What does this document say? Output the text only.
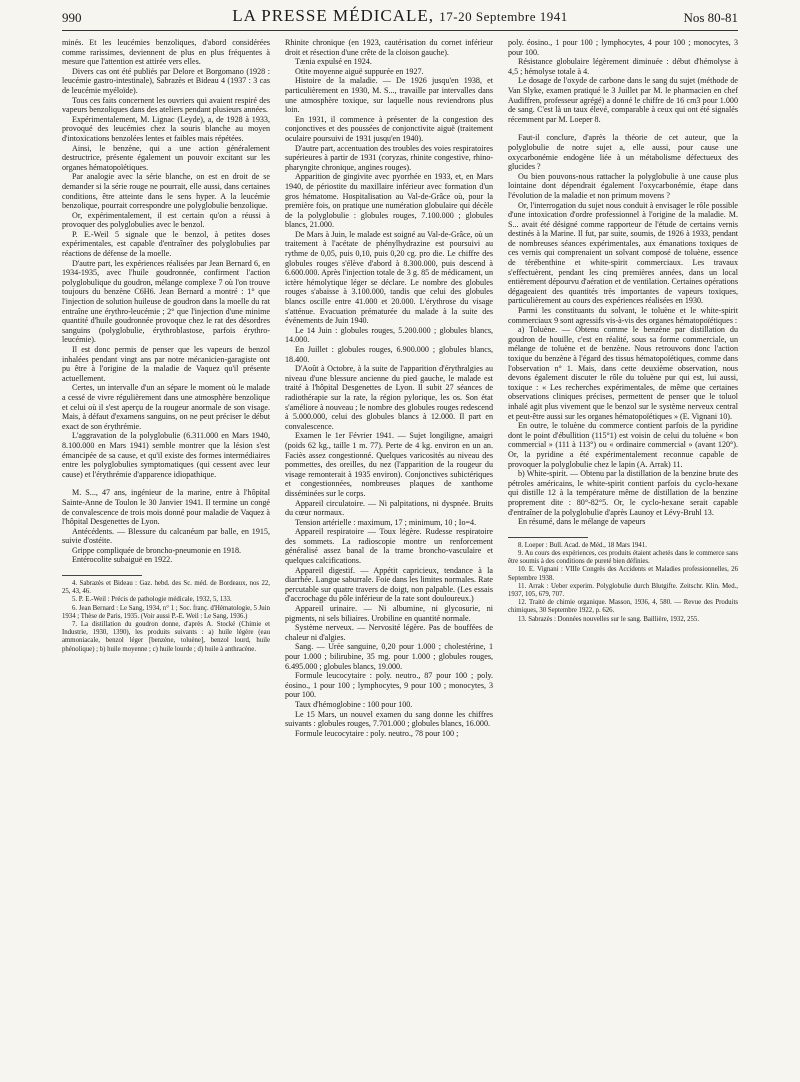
990	LA PRESSE MÉDICALE, 17-20 Septembre 1941	Nos 80-81

minés. Et les leucémies benzoliques, d'abord considérées comme rarissimes, deviennent de plus en plus fréquentes à mesure que l'attention est attirée vers elles.

Divers cas ont été publiés par Delore et Borgomano (1928 : leucémie gastro-intestinale), Sabrazès et Bideau 4 (1937 : 3 cas de leucémie myéloïde).

Tous ces faits concernent les ouvriers qui avaient respiré des vapeurs benzoliques dans des ateliers pendant plusieurs années.

Expérimentalement, M. Lignac (Leyde), a, de 1928 à 1933, provoqué des leucémies chez la souris blanche au moyen d'intoxications benzolées lentes et faibles mais répétées.

Ainsi, le benzène, qui a une action généralement destructrice, présente également un pouvoir excitant sur les organes hématopoïétiques.

Par analogie avec la série blanche, on est en droit de se demander si la série rouge ne pourrait, elle aussi, dans certaines conditions, être atteinte dans le sens hyper. A la leucémie benzolique, pourrait correspondre une polyglobulie benzolique.

Or, expérimentalement, il est certain qu'on a réussi à provoquer des polyglobulies avec le benzol.

P. E.-Weil 5 signale que le benzol, à petites doses expérimentales, est capable d'entraîner des polyglobulies par réactions de défense de la moelle.

D'autre part, les expériences réalisées par Jean Bernard 6, en 1934-1935, avec l'huile goudronnée, confirment l'action polyglobulique du goudron, mélange complexe 7 où l'on trouve toujours du benzène C6H6. Jean Bernard a montré : 1° que l'injection de solution huileuse de goudron dans la moelle du rat entraîne une érythro-leucémie ; 2° que l'injection d'une minime quantité d'huile goudronnée provoque chez le rat des désordres sanguins (polyglobulie, érythroblastose, parfois érythro-leucémie).

Il est donc permis de penser que les vapeurs de benzol inhalées pendant vingt ans par notre mécanicien-garagiste ont pu être à l'origine de la maladie de Vaquez qu'il présente actuellement.

Certes, un intervalle d'un an sépare le moment où le malade a cessé de vivre régulièrement dans une atmosphère benzolique et celui où il s'est aperçu de la rougeur anormale de son visage. Mais, à défaut d'examens sanguins, on ne peut préciser le début exact de son érythrémie.

L'aggravation de la polyglobulie (6.311.000 en Mars 1940, 8.100.000 en Mars 1941) semble montrer que la lésion s'est émancipée de sa cause, et qu'il existe des formes intermédiaires entre les polyglobulies symptomatiques (qui cessent avec leur cause) et l'érythrémie d'apparence idiopathique.

M. S..., 47 ans, ingénieur de la marine, entre à l'hôpital Sainte-Anne de Toulon le 30 Janvier 1941. Il termine un congé de convalescence de trois mois donné pour maladie de Vaquez à l'hôpital Desgenettes de Lyon.

Antécédents. — Blessure du calcanéum par balle, en 1915, suivie d'ostéite.

Grippe compliquée de broncho-pneumonie en 1918.

Entérocolite subaiguë en 1922.

4. Sabrazès et Bideau : Gaz. hebd. des Sc. méd. de Bordeaux, nos 22, 25, 43, 46.

5. P. E.-Weil : Précis de pathologie médicale, 1932, 5, 133.

6. Jean Bernard : Le Sang, 1934, n° 1 ; Soc. franç. d'Hématologie, 5 Juin 1934 ; Thèse de Paris, 1935. (Voir aussi P.-E. Weil : Le Sang, 1936.)

7. La distillation du goudron donne, d'après A. Stocké (Chimie et Industrie, 1930, 1390), les produits suivants : a) huile légère (eau ammoniacale, benzol léger [benzène, toluène], benzol lourd, huile phénolique) ; b) huile moyenne ; c) huile lourde ; d) huile à anthracène.

Rhinite chronique (en 1923, cautérisation du cornet inférieur droit et résection d'une crête de la cloison gauche).

Tænia expulsé en 1924.

Otite moyenne aiguë suppurée en 1927.

Histoire de la maladie. — De 1926 jusqu'en 1938, et particulièrement en 1930, M. S..., travaille par intervalles dans une atmosphère toxique, sur laquelle nous reviendrons plus loin.

En 1931, il commence à présenter de la congestion des conjonctives et des poussées de conjonctivite aiguë (traitement oculaire poursuivi de 1931 jusqu'en 1940).

D'autre part, accentuation des troubles des voies respiratoires supérieures à partir de 1931 (coryzas, rhinite congestive, rhino-pharyngite chronique, angines rouges).

Apparition de gingivite avec pyorrhée en 1933, et, en Mars 1940, de périostite du maxillaire inférieur avec formation d'un gros hématome. Hospitalisation au Val-de-Grâce où, pour la première fois, on pratique une numération globulaire qui décèle de la polyglobulie : globules rouges, 7.100.000 ; globules blancs, 21.000.

De Mars à Juin, le malade est soigné au Val-de-Grâce, où un traitement à l'acétate de phénylhydrazine est poursuivi au rythme de 0,05, puis 0,10, puis 0,20 cg. pro die. Le chiffre des globules rouges s'élève d'abord à 8.300.000, puis descend à 6.600.000. Après l'injection totale de 3 g. 85 de médicament, un ictère hémolytique léger se déclare. Le nombre des globules rouges s'abaisse à 3.100.000, tandis que celui des globules blancs oscille entre 41.000 et 20.000. L'érythrose du visage s'atténue. Evacuation prématurée du malade à la suite des événements de Juin 1940.

Le 14 Juin : globules rouges, 5.200.000 ; globules blancs, 14.000.

En Juillet : globules rouges, 6.900.000 ; globules blancs, 18.400.

D'Août à Octobre, à la suite de l'apparition d'érythralgies au niveau d'une blessure ancienne du pied gauche, le malade est traité à l'hôpital Desgenettes de Lyon. Il subit 27 séances de radiothérapie sur la rate, la région pylorique, les os. Son état s'améliore à nouveau ; le nombre des globules rouges redescend à 5.000.000, celui des globules blancs à 12.000. Il part en convalescence.

Examen le 1er Février 1941. — Sujet longiligne, amaigri (poids 62 kg., taille 1 m. 77). Perte de 4 kg. environ en un an. Faciès assez congestionné. Quelques varicosités au niveau des pommettes, des oreilles, du nez (l'apparition de la rougeur du visage remonterait à 1935 environ). Conjonctives subictériques et congestionnées, nombreuses plaques de xanthome disséminées sur le corps.

Appareil circulatoire. — Ni palpitations, ni dyspnée. Bruits du cœur normaux.

Tension artérielle : maximum, 17 ; minimum, 10 ; Io=4.

Appareil respiratoire — Toux légère. Rudesse respiratoire des sommets. La radioscopie montre un renforcement généralisé assez banal de la trame broncho-vasculaire et quelques calcifications.

Appareil digestif. — Appétit capricieux, tendance à la diarrhée. Langue saburrale. Foie dans les limites normales. Rate percutable sur quatre travers de doigt, non palpable. (Les essais d'accrochage du pôle inférieur de la rate sont douloureux.)

Appareil urinaire. — Ni albumine, ni glycosurie, ni pigments, ni sels biliaires. Urobiline en quantité normale.

Système nerveux. — Nervosité légère. Pas de bouffées de chaleur ni d'algies.

Sang. — Urée sanguine, 0,20 pour 1.000 ; cholestérine, 1 pour 1.000 ; bilirubine, 35 mg. pour 1.000 ; globules rouges, 6.495.000 ; globules blancs, 19.000.

Formule leucocytaire : poly. neutro., 87 pour 100 ; poly. éosino., 1 pour 100 ; lymphocytes, 9 pour 100 ; monocytes, 3 pour 100.

Taux d'hémoglobine : 100 pour 100.

Le 15 Mars, un nouvel examen du sang donne les chiffres suivants : globules rouges, 7.701.000 ; globules blancs, 16.000.

Formule leucocytaire : poly. neutro., 78 pour 100 ;

poly. éosino., 1 pour 100 ; lymphocytes, 4 pour 100 ; monocytes, 3 pour 100.

Résistance globulaire légèrement diminuée : début d'hémolyse à 4,5 ; hémolyse totale à 4.

Le dosage de l'oxyde de carbone dans le sang du sujet (méthode de Van Slyke, examen pratiqué le 3 Juillet par M. le pharmacien en chef Audiffren, professeur agrégé) a donné le chiffre de 16 cm3 pour 1.000 de sang. C'est là un taux élevé, comparable à ceux qui ont été signalés récemment par M. Loeper 8.

Faut-il conclure, d'après la théorie de cet auteur, que la polyglobulie de notre sujet a, elle aussi, pour cause une oxycarbonémie endogène liée à un métabolisme défectueux des glucides ?

Ou bien pouvons-nous rattacher la polyglobulie à une cause plus lointaine dont dépendrait également l'oxycarbonémie, étape dans l'évolution de la maladie et non primum movens ?

Or, l'interrogation du sujet nous conduit à envisager le rôle possible d'une intoxication d'ordre professionnel à l'origine de la maladie. M. S... avait été désigné comme rapporteur de l'étude de certains vernis destinés à la Marine. Il fut, par suite, soumis, de 1926 à 1933, pendant de nombreuses séances expérimentales, aux émanations toxiques de ces vernis qui comprenaient un solvant composé de toluène, essence de térébenthine et white-spirit commerciaux. Les travaux s'effectuèrent, pendant les cinq premières années, dans un local entièrement dépourvu d'aération et de ventilation. Certaines opérations dégageaient des quantités très importantes de vapeurs toxiques, particulièrement au cours des expériences réalisées en 1930.

Parmi les constituants du solvant, le toluène et le white-spirit commerciaux 9 sont agressifs vis-à-vis des organes hématopoïétiques :

a) Toluène. — Obtenu comme le benzène par distillation du goudron de houille, c'est en réalité, sous sa forme commerciale, un mélange de toluène et de benzène. Nous retrouvons donc l'action toxique du benzène à l'égard des tissus hématopoïétiques, comme dans l'observation n° 1. Mais, dans cette deuxième observation, nous devons également discuter le rôle du toluène pur qui est, lui aussi, toxique : « Les recherches expérimentales, de même que certaines observations cliniques précises, permettent de penser que le toluol inhalé agit plus vivement que le benzol sur le système nerveux central et peut-être aussi sur les organes hématopoïétiques » (E. Vignani 10).

En outre, le toluène du commerce contient parfois de la pyridine dont le point d'ébullition (115°1) est voisin de celui du toluène « bon commercial » (111 à 113°) ou « ordinaire commercial » (avant 120°). Or, la pyridine a été expérimentalement reconnue capable de provoquer la polyglobulie chez le lapin (A. Arrak) 11.

b) White-spirit. — Obtenu par la distillation de la benzine brute des pétroles américains, le white-spirit contient parfois du cyclo-hexane qui distille 12 à la température même de distillation de la benzine proprement dite : 80°-82°5. Or, le cyclo-hexane serait capable d'entraîner de la polyglobulie d'après Launoy et Lévy-Bruhl 13.

En résumé, dans le mélange de vapeurs

8. Loeper : Bull. Acad. de Méd., 18 Mars 1941.

9. Au cours des expériences, ces produits étaient achetés dans le commerce sans être soumis à des conditions de pureté bien définies.

10. E. Vignani : VIIIe Congrès des Accidents et Maladies professionnelles, 26 Septembre 1938.

11. Arrak : Ueber experim. Polyglobulie durch Blutgifte. Zeitschr. Klin. Med., 1937, 105, 679, 707.

12. Traité de chimie organique. Masson, 1936, 4, 580. — Revue des Produits chimiques, 30 Septembre 1922, p. 626.

13. Sabrazès : Données nouvelles sur le sang. Baillière, 1932, 255.
